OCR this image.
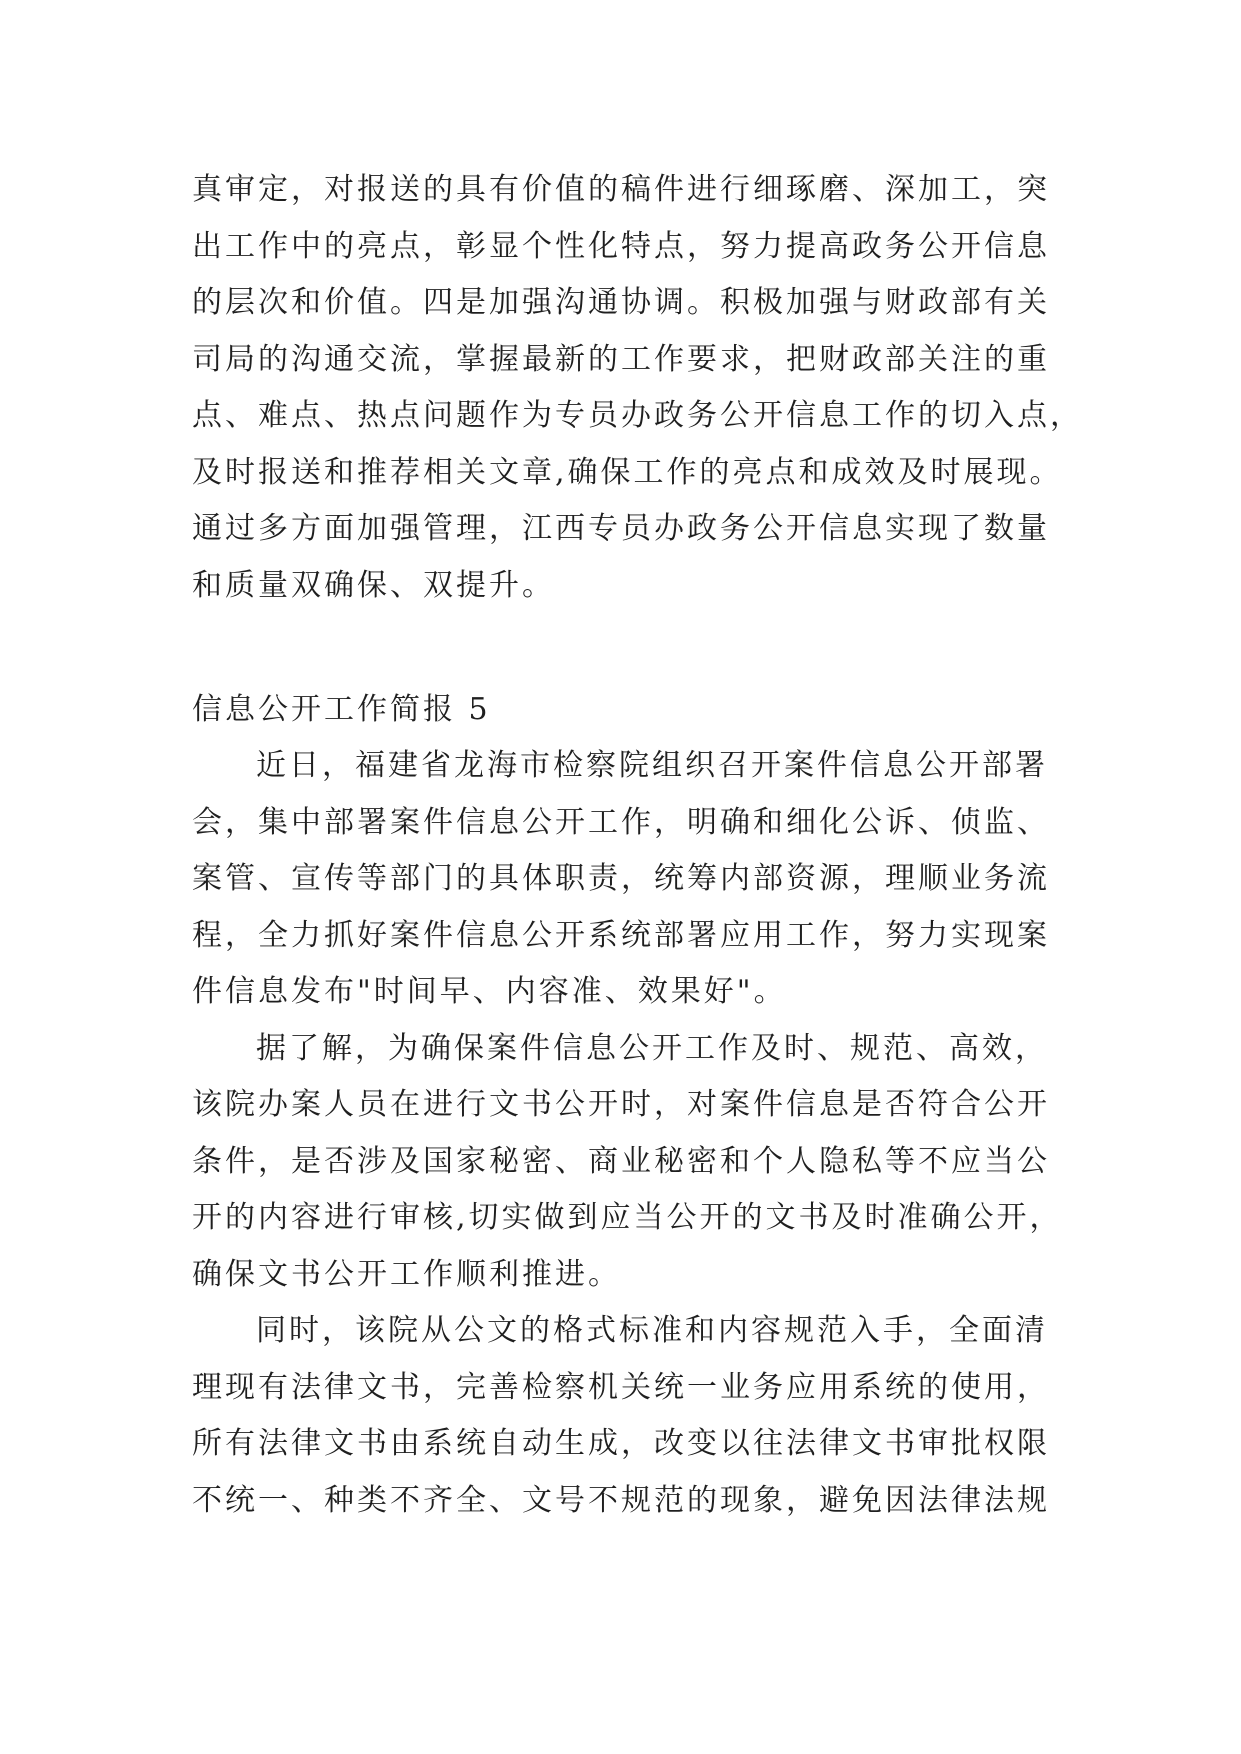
真审定，对报送的具有价值的稿件进行细琢磨、深加工，突
出工作中的亮点，彰显个性化特点，努力提高政务公开信息
的层次和价值。四是加强沟通协调。积极加强与财政部有关
司局的沟通交流，掌握最新的工作要求，把财政部关注的重
点、难点、热点问题作为专员办政务公开信息工作的切入点，
及时报送和推荐相关文章,确保工作的亮点和成效及时展现。
通过多方面加强管理，江西专员办政务公开信息实现了数量
和质量双确保、双提升。
信息公开工作简报 5
近日，福建省龙海市检察院组织召开案件信息公开部署
会，集中部署案件信息公开工作，明确和细化公诉、侦监、
案管、宣传等部门的具体职责，统筹内部资源，理顺业务流
程，全力抓好案件信息公开系统部署应用工作，努力实现案
件信息发布"时间早、内容准、效果好"。
据了解，为确保案件信息公开工作及时、规范、高效，
该院办案人员在进行文书公开时，对案件信息是否符合公开
条件，是否涉及国家秘密、商业秘密和个人隐私等不应当公
开的内容进行审核,切实做到应当公开的文书及时准确公开，
确保文书公开工作顺利推进。
同时，该院从公文的格式标准和内容规范入手，全面清
理现有法律文书，完善检察机关统一业务应用系统的使用，
所有法律文书由系统自动生成，改变以往法律文书审批权限
不统一、种类不齐全、文号不规范的现象，避免因法律法规
